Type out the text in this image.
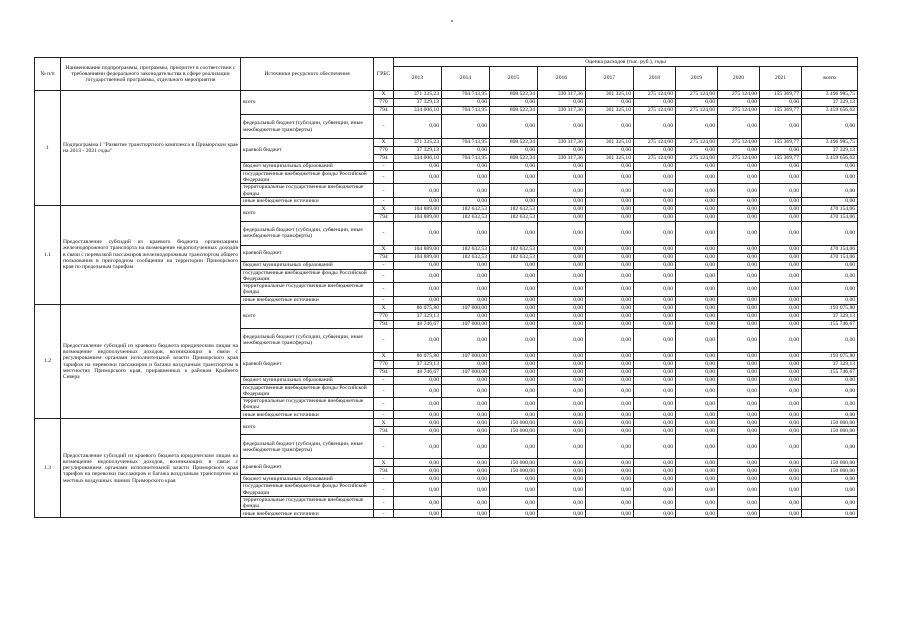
№ п/п	Наименование подпрограммы, программы, приоритет в соответствии с требованиями федерального законодательства в сфере реализации государственной программы, отдельного мероприятия	Источники ресурсного обеспечения	ГРБС	Оценка расходов (тыс. руб.), годы									
				2013	2014	2015	2016	2017	2018	2019	2020	2021	всего
1	Подпрограмма I "Развитие транспортного комплекса в Приморском крае на 2013 - 2021 годы"	всего	X	371 335,23	704 743,95	808 522,34	330 317,36	301 325,10	275 124,00	275 124,00	275 124,00	155 369,77	3 496 985,75
			770	37 329,13	0,00	0,00	0,00	0,00	0,00	0,00	0,00	0,00	37 329,13
			794	334 006,10	704 743,95	808 522,34	330 317,36	301 325,10	275 124,00	275 124,00	275 124,00	155 369,77	3 459 656,62
		федеральный бюджет (субсидии, субвенции, иные межбюджетные трансферты)	-	0,00	0,00	0,00	0,00	0,00	0,00	0,00	0,00	0,00	0,00
		краевой бюджет	X	371 335,23	704 743,95	808 522,34	330 317,36	301 325,10	275 124,00	275 124,00	275 124,00	155 369,77	3 496 985,75
			770	37 329,13	0,00	0,00	0,00	0,00	0,00	0,00	0,00	0,00	37 329,13
			794	334 006,10	704 743,95	808 522,34	330 317,36	301 325,10	275 124,00	275 124,00	275 124,00	155 369,77	3 459 656,62
		бюджет муниципальных образований	-	0,00	0,00	0,00	0,00	0,00	0,00	0,00	0,00	0,00	0,00
		государственные внебюджетные фонды Российской Федерации	-	0,00	0,00	0,00	0,00	0,00	0,00	0,00	0,00	0,00	0,00
		территориальные государственные внебюджетные фонды	-	0,00	0,00	0,00	0,00	0,00	0,00	0,00	0,00	0,00	0,00
		иные внебюджетные источники	-	0,00	0,00	0,00	0,00	0,00	0,00	0,00	0,00	0,00	0,00
1.1	Предоставление субсидий из краевого бюджета организациям железнодорожного транспорта на возмещение недополученных доходов в связи с перевозкой пассажиров железнодорожным транспортом общего пользования в пригородном сообщении на территории Приморского края по предельным тарифам	всего	X	104 889,00	182 632,53	182 632,53	0,00	0,00	0,00	0,00	0,00	0,00	470 154,06
			794	104 889,00	182 632,53	182 632,53	0,00	0,00	0,00	0,00	0,00	0,00	470 154,06
		федеральный бюджет (субсидии, субвенции, иные межбюджетные трансферты)	-	0,00	0,00	0,00	0,00	0,00	0,00	0,00	0,00	0,00	0,00
		краевой бюджет	X	104 889,00	182 632,53	182 632,53	0,00	0,00	0,00	0,00	0,00	0,00	470 154,06
			794	104 889,00	182 632,53	182 632,53	0,00	0,00	0,00	0,00	0,00	0,00	470 154,06
		бюджет муниципальных образований	-	0,00	0,00	0,00	0,00	0,00	0,00	0,00	0,00	0,00	0,00
		государственные внебюджетные фонды Российской Федерации	-	0,00	0,00	0,00	0,00	0,00	0,00	0,00	0,00	0,00	0,00
		территориальные государственные внебюджетные фонды	-	0,00	0,00	0,00	0,00	0,00	0,00	0,00	0,00	0,00	0,00
		иные внебюджетные источники	-	0,00	0,00	0,00	0,00	0,00	0,00	0,00	0,00	0,00	0,00
1.2	Предоставление субсидий из краевого бюджета юридическим лицам на возмещение недополученных доходов, возникающих в связи с регулированием органами исполнительной власти Приморского края тарифов на перевозки пассажиров и багажа воздушным транспортом в местностях Приморского края, приравненных к районам Крайнего Севера	всего	X	86 075,80	107 000,00	0,00	0,00	0,00	0,00	0,00	0,00	0,00	193 075,80
			770	37 329,13	0,00	0,00	0,00	0,00	0,00	0,00	0,00	0,00	37 329,13
			794	48 746,67	107 000,00	0,00	0,00	0,00	0,00	0,00	0,00	0,00	155 746,67
		федеральный бюджет (субсидии, субвенции, иные межбюджетные трансферты)	-	0,00	0,00	0,00	0,00	0,00	0,00	0,00	0,00	0,00	0,00
		краевой бюджет	X	86 075,80	107 000,00	0,00	0,00	0,00	0,00	0,00	0,00	0,00	193 075,80
			770	37 329,13	0,00	0,00	0,00	0,00	0,00	0,00	0,00	0,00	37 329,13
			794	48 746,67	107 000,00	0,00	0,00	0,00	0,00	0,00	0,00	0,00	155 746,67
		бюджет муниципальных образований	-	0,00	0,00	0,00	0,00	0,00	0,00	0,00	0,00	0,00	0,00
		государственные внебюджетные фонды Российской Федерации	-	0,00	0,00	0,00	0,00	0,00	0,00	0,00	0,00	0,00	0,00
		территориальные государственные внебюджетные фонды	-	0,00	0,00	0,00	0,00	0,00	0,00	0,00	0,00	0,00	0,00
		иные внебюджетные источники	-	0,00	0,00	0,00	0,00	0,00	0,00	0,00	0,00	0,00	0,00
1.3	Предоставление субсидий из краевого бюджета юридическим лицам на возмещение недополученных доходов, возникающих в связи с регулированием органами исполнительной власти Приморского края тарифов на перевозки пассажиров и багажа воздушным транспортом на местных воздушных линиях Приморского края	всего	X	0,00	0,00	150 000,00	0,00	0,00	0,00	0,00	0,00	0,00	150 000,00
			794	0,00	0,00	150 000,00	0,00	0,00	0,00	0,00	0,00	0,00	150 000,00
		федеральный бюджет (субсидии, субвенции, иные межбюджетные трансферты)	-	0,00	0,00	0,00	0,00	0,00	0,00	0,00	0,00	0,00	0,00
		краевой бюджет	X	0,00	0,00	150 000,00	0,00	0,00	0,00	0,00	0,00	0,00	150 000,00
			794	0,00	0,00	150 000,00	0,00	0,00	0,00	0,00	0,00	0,00	150 000,00
		бюджет муниципальных образований	-	0,00	0,00	0,00	0,00	0,00	0,00	0,00	0,00	0,00	0,00
		государственные внебюджетные фонды Российской Федерации	-	0,00	0,00	0,00	0,00	0,00	0,00	0,00	0,00	0,00	0,00
		территориальные государственные внебюджетные фонды	-	0,00	0,00	0,00	0,00	0,00	0,00	0,00	0,00	0,00	0,00
		иные внебюджетные источники	-	0,00	0,00	0,00	0,00	0,00	0,00	0,00	0,00	0,00	0,00
